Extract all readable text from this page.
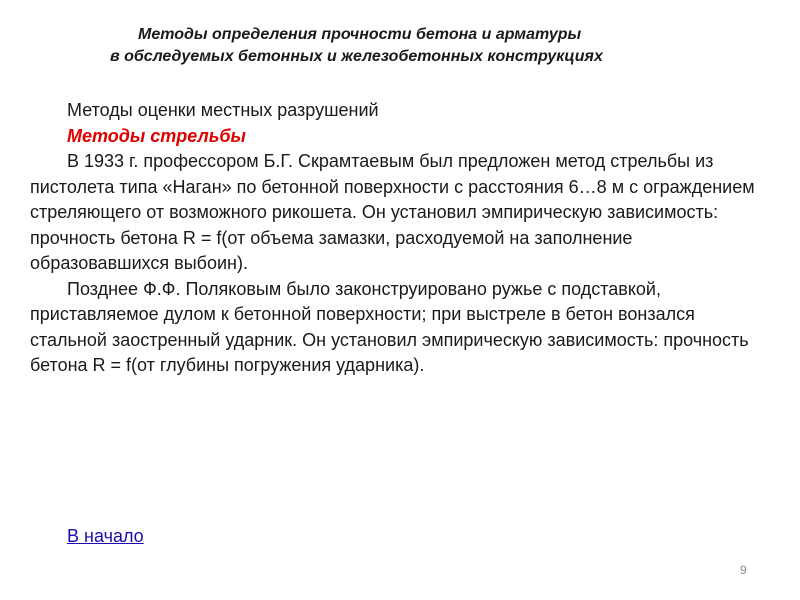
Методы определения прочности бетона и арматуры
в обследуемых бетонных и железобетонных конструкциях

Методы оценки местных разрушений

Методы стрельбы

В 1933 г. профессором Б.Г. Скрамтаевым был предложен метод стрельбы из пистолета типа «Наган» по бетонной поверхности с расстояния 6…8 м с ограждением стреляющего от возможного рикошета. Он установил эмпирическую зависимость: прочность бетона R = f(от объема замазки, расходуемой на заполнение образовавшихся выбоин).

Позднее Ф.Ф. Поляковым было законструировано ружье с подставкой, приставляемое дулом к бетонной поверхности; при выстреле в бетон вонзался стальной заостренный ударник. Он установил эмпирическую зависимость: прочность бетона R = f(от глубины погружения ударника).

В начало
9
